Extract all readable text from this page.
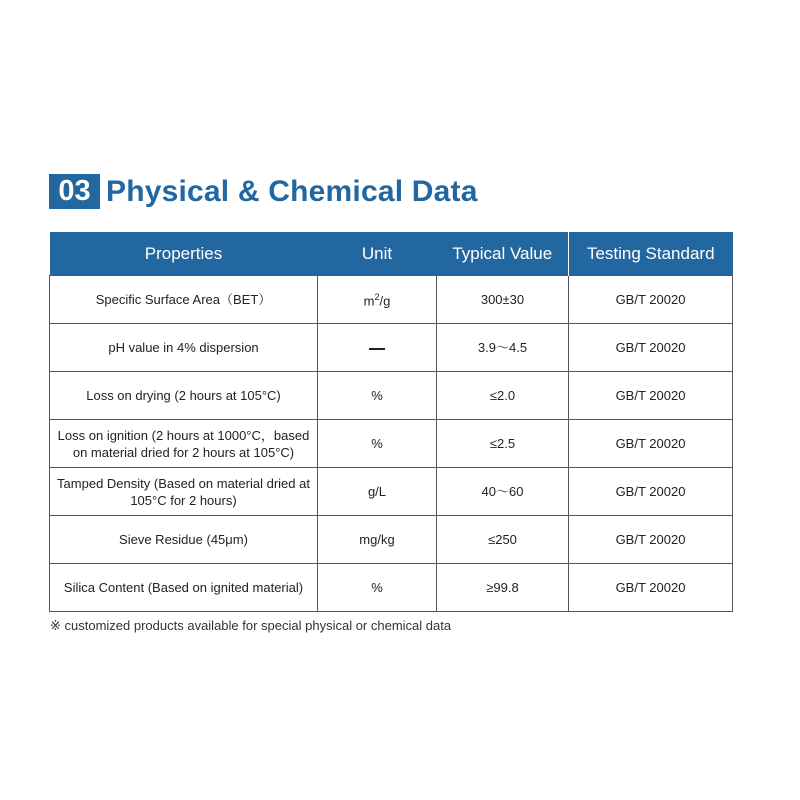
03 Physical & Chemical Data
Properties	Unit	Typical Value	Testing Standard
Specific Surface Area（BET）	$m^2/g$	300±30	GB/T 20020
pH value in 4% dispersion		3.9～4.5	GB/T 20020
Loss on drying (2 hours at 105°C)	%	≤2.0	GB/T 20020

Loss on ignition (2 hours at 1000°C，based
on material dried for 2 hours at 105°C)	%	≤2.5	GB/T 20020

Tamped Density (Based on material dried at
105°C for 2 hours)	g/L	40～60	GB/T 20020
Sieve Residue (45μm)	mg/kg	≤250	GB/T 20020
Silica Content (Based on ignited material)	%	≥99.8	GB/T 20020
※ customized products available for special physical or chemical data
